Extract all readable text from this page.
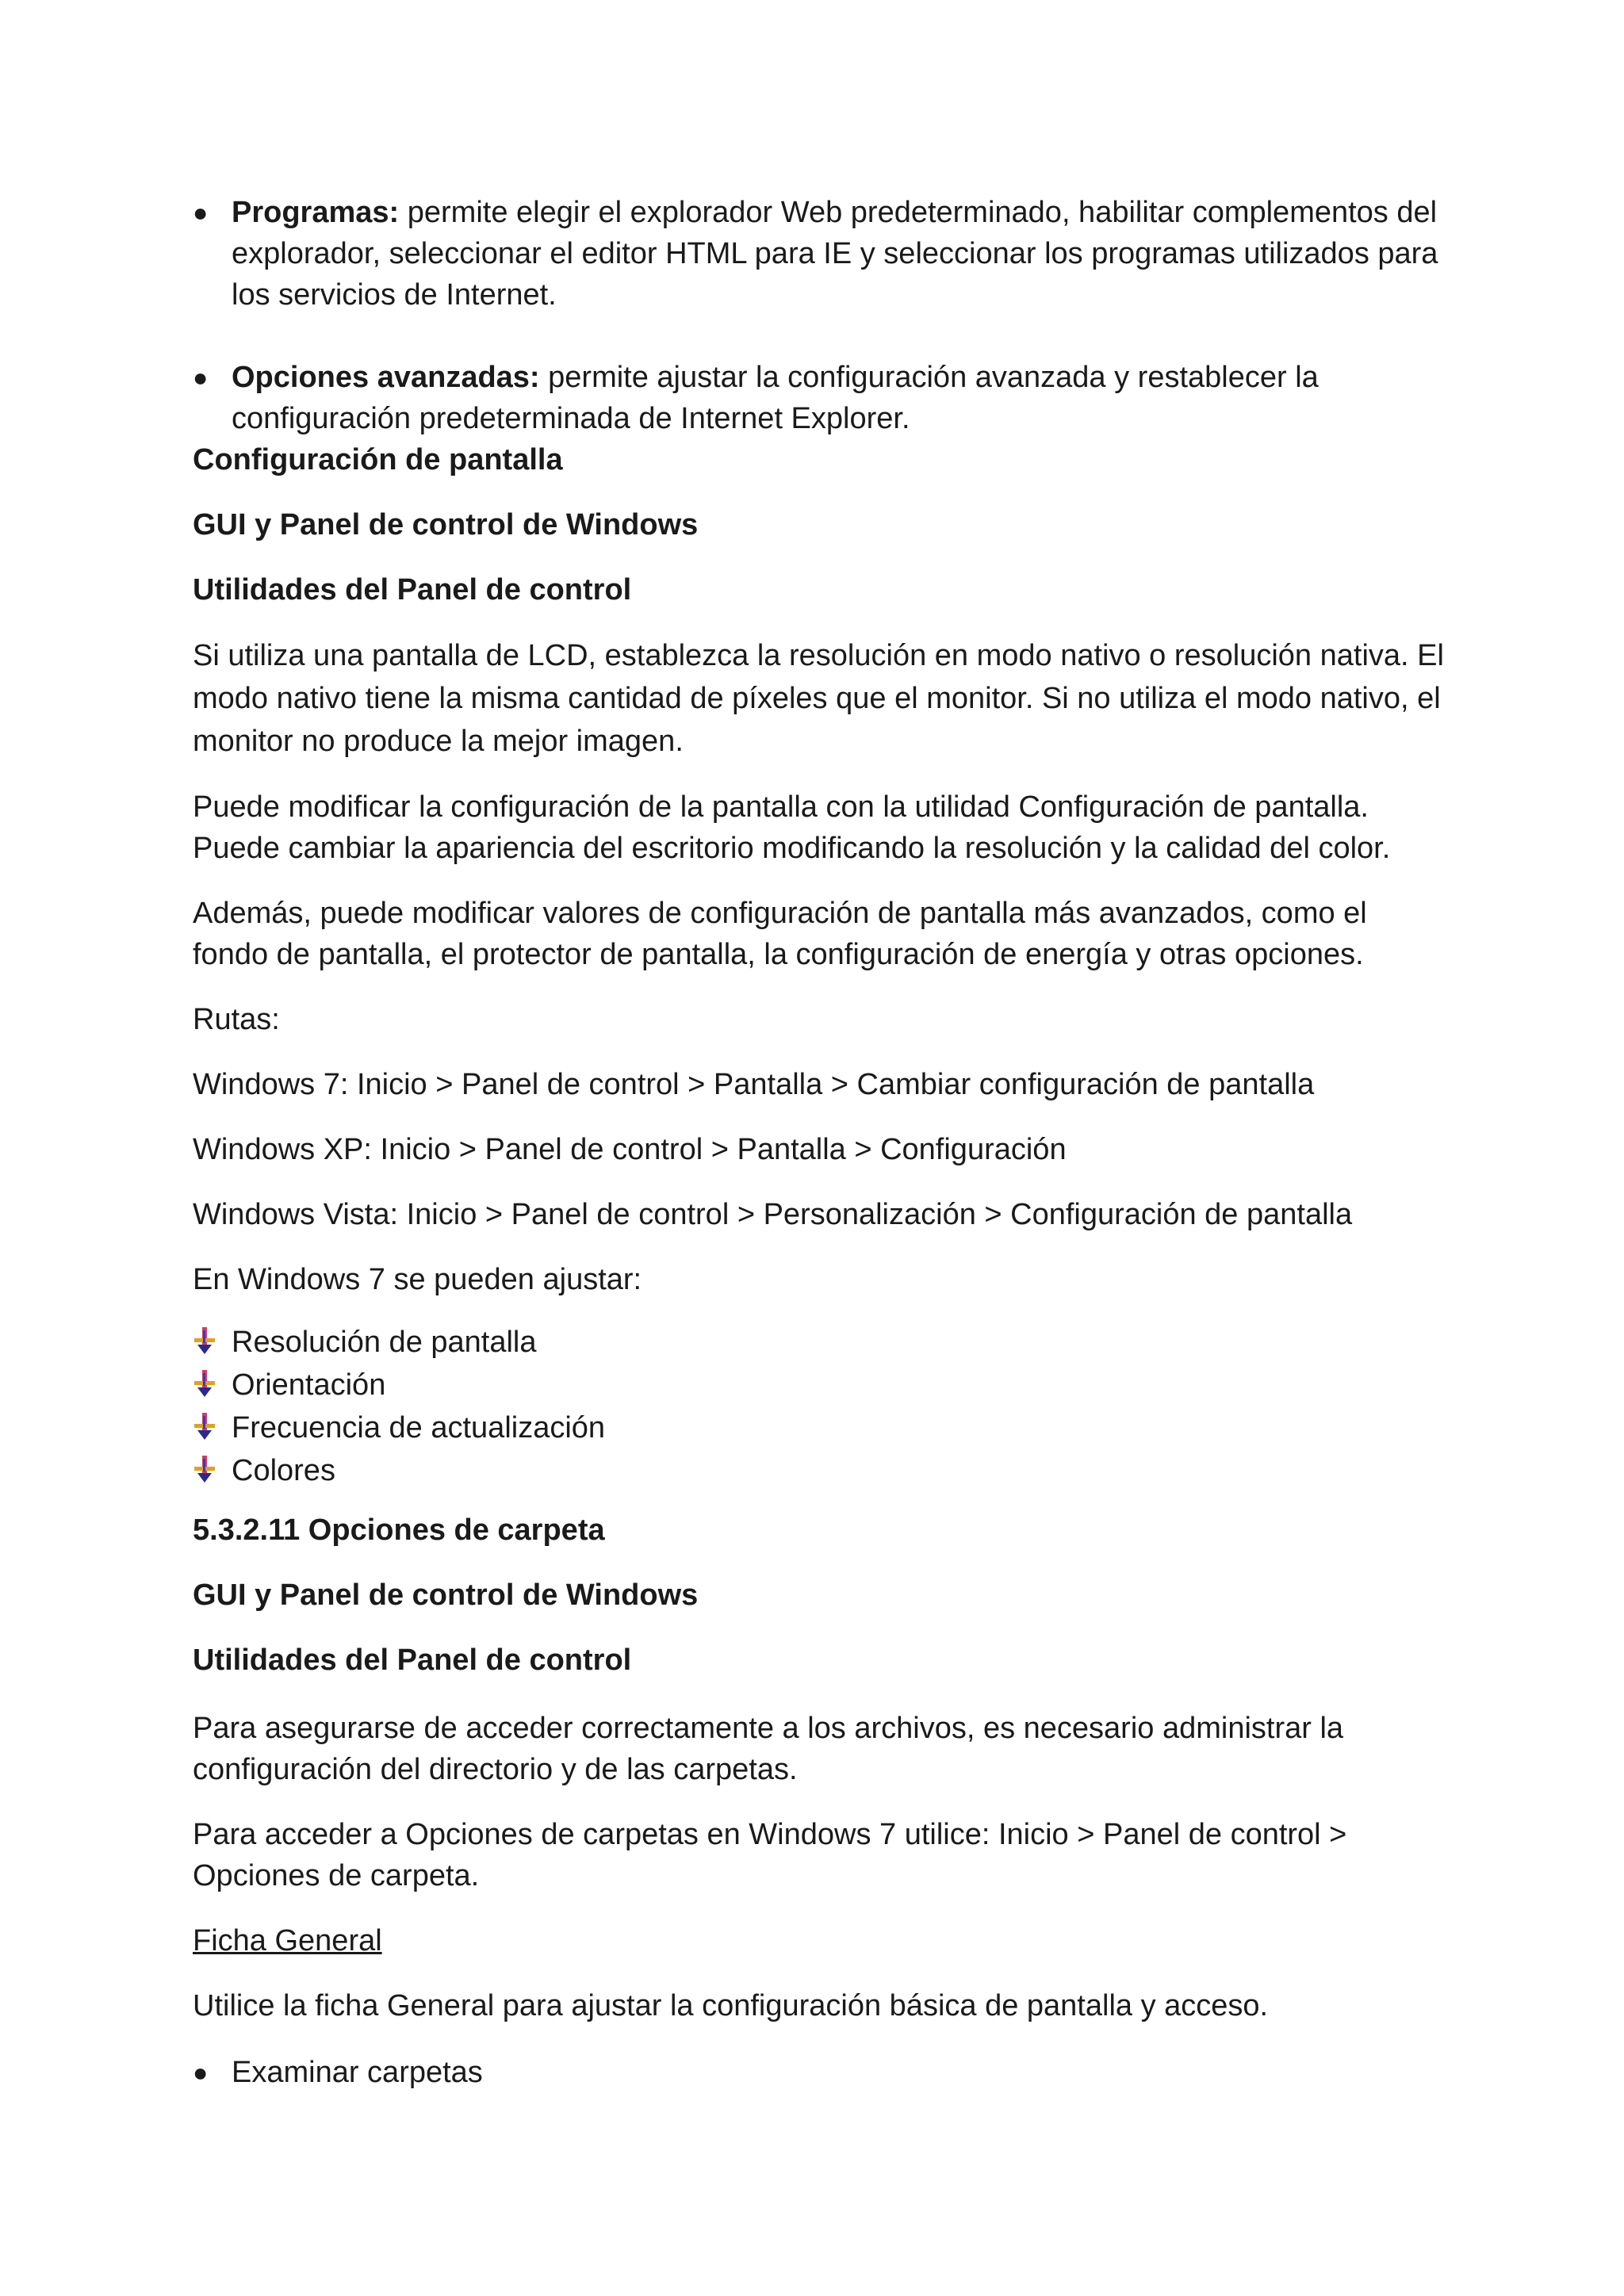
● Programas: permite elegir el explorador Web predeterminado, habilitar complementos del explorador, seleccionar el editor HTML para IE y seleccionar los programas utilizados para los servicios de Internet.
● Opciones avanzadas: permite ajustar la configuración avanzada y restablecer la configuración predeterminada de Internet Explorer.

Configuración de pantalla

GUI y Panel de control de Windows

Utilidades del Panel de control

Si utiliza una pantalla de LCD, establezca la resolución en modo nativo o resolución nativa. El modo nativo tiene la misma cantidad de píxeles que el monitor. Si no utiliza el modo nativo, el monitor no produce la mejor imagen.

Puede modificar la configuración de la pantalla con la utilidad Configuración de pantalla. Puede cambiar la apariencia del escritorio modificando la resolución y la calidad del color.

Además, puede modificar valores de configuración de pantalla más avanzados, como el fondo de pantalla, el protector de pantalla, la configuración de energía y otras opciones.

Rutas:

Windows 7: Inicio > Panel de control > Pantalla > Cambiar configuración de pantalla

Windows XP: Inicio > Panel de control > Pantalla > Configuración

Windows Vista: Inicio > Panel de control > Personalización > Configuración de pantalla

En Windows 7 se pueden ajustar:

Resolución de pantalla
Orientación
Frecuencia de actualización
Colores

5.3.2.11 Opciones de carpeta

GUI y Panel de control de Windows

Utilidades del Panel de control

Para asegurarse de acceder correctamente a los archivos, es necesario administrar la configuración del directorio y de las carpetas.

Para acceder a Opciones de carpetas en Windows 7 utilice: Inicio > Panel de control > Opciones de carpeta.

Ficha General

Utilice la ficha General para ajustar la configuración básica de pantalla y acceso.

● Examinar carpetas
